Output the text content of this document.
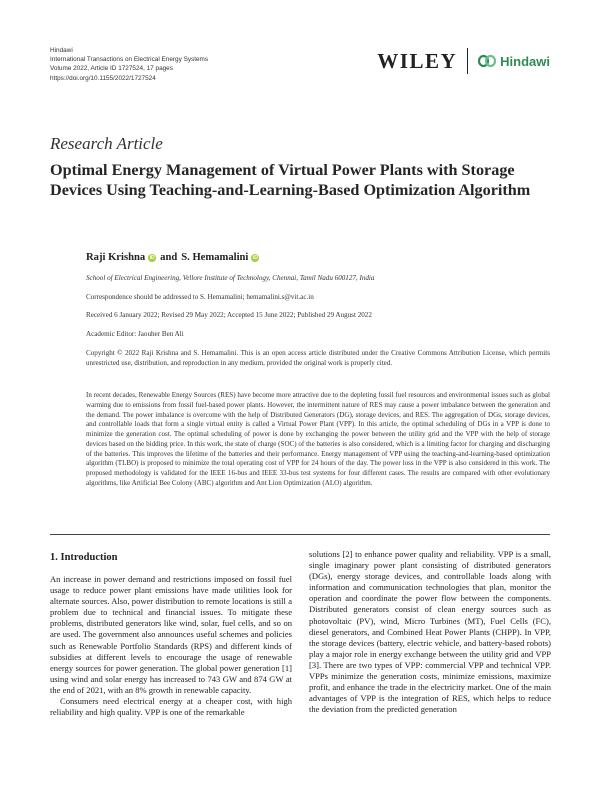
Hindawi
International Transactions on Electrical Energy Systems
Volume 2022, Article ID 1727524, 17 pages
https://doi.org/10.1155/2022/1727524
WILEY	Hindawi
Research Article
Optimal Energy Management of Virtual Power Plants with Storage Devices Using Teaching-and-Learning-Based Optimization Algorithm
Raji Krishna iD and S. Hemamalini iD
School of Electrical Engineering, Vellore Institute of Technology, Chennai, Tamil Nadu 600127, India
Correspondence should be addressed to S. Hemamalini; hemamalini.s@vit.ac.in
Received 6 January 2022; Revised 29 May 2022; Accepted 15 June 2022; Published 29 August 2022
Academic Editor: Jaouher Ben Ali
Copyright © 2022 Raji Krishna and S. Hemamalini. This is an open access article distributed under the Creative Commons Attribution License, which permits unrestricted use, distribution, and reproduction in any medium, provided the original work is properly cited.
In recent decades, Renewable Energy Sources (RES) have become more attractive due to the depleting fossil fuel resources and environmental issues such as global warming due to emissions from fossil fuel-based power plants. However, the intermittent nature of RES may cause a power imbalance between the generation and the demand. The power imbalance is overcome with the help of Distributed Generators (DG), storage devices, and RES. The aggregation of DGs, storage devices, and controllable loads that form a single virtual entity is called a Virtual Power Plant (VPP). In this article, the optimal scheduling of DGs in a VPP is done to minimize the generation cost. The optimal scheduling of power is done by exchanging the power between the utility grid and the VPP with the help of storage devices based on the bidding price. In this work, the state of charge (SOC) of the batteries is also considered, which is a limiting factor for charging and discharging of the batteries. This improves the lifetime of the batteries and their performance. Energy management of VPP using the teaching-and-learning-based optimization algorithm (TLBO) is proposed to minimize the total operating cost of VPP for 24 hours of the day. The power loss in the VPP is also considered in this work. The proposed methodology is validated for the IEEE 16-bus and IEEE 33-bus test systems for four different cases. The results are compared with other evolutionary algorithms, like Artificial Bee Colony (ABC) algorithm and Ant Lion Optimization (ALO) algorithm.
1. Introduction

An increase in power demand and restrictions imposed on fossil fuel usage to reduce power plant emissions have made utilities look for alternate sources. Also, power distribution to remote locations is still a problem due to technical and financial issues. To mitigate these problems, distributed generators like wind, solar, fuel cells, and so on are used. The government also announces useful schemes and policies such as Renewable Portfolio Standards (RPS) and different kinds of subsidies at different levels to encourage the usage of renewable energy sources for power generation. The global power generation [1] using wind and solar energy has increased to 743 GW and 874 GW at the end of 2021, with an 8% growth in renewable capacity.

Consumers need electrical energy at a cheaper cost, with high reliability and high quality. VPP is one of the remarkable

solutions [2] to enhance power quality and reliability. VPP is a small, single imaginary power plant consisting of distributed generators (DGs), energy storage devices, and controllable loads along with information and communication technologies that plan, monitor the operation and coordinate the power flow between the components. Distributed generators consist of clean energy sources such as photovoltaic (PV), wind, Micro Turbines (MT), Fuel Cells (FC), diesel generators, and Combined Heat Power Plants (CHPP). In VPP, the storage devices (battery, electric vehicle, and battery-based robots) play a major role in energy exchange between the utility grid and VPP [3]. There are two types of VPP: commercial VPP and technical VPP. VPPs minimize the generation costs, minimize emissions, maximize profit, and enhance the trade in the electricity market. One of the main advantages of VPP is the integration of RES, which helps to reduce the deviation from the predicted generation
